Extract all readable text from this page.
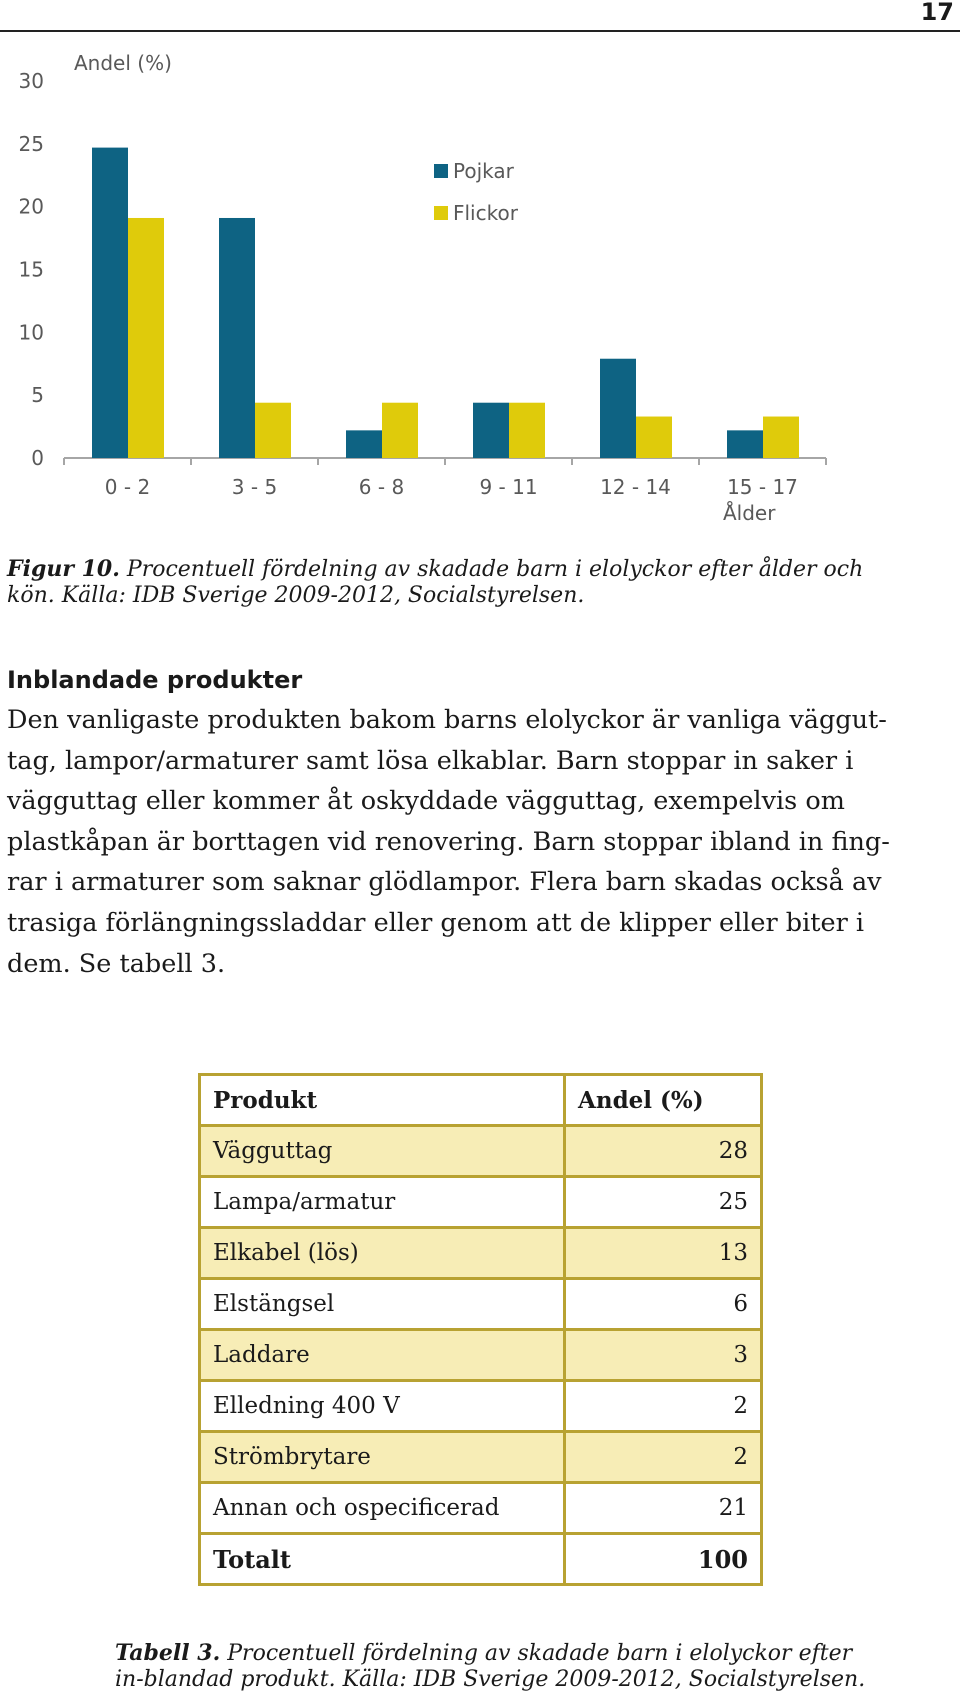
17
0
5
10
15
20
25
30
Andel (%)
0 - 2	3 - 5	6 - 8	9 - 11	12 - 14	15 - 17
Ålder
Pojkar
Flickor
Figur 10. Procentuell fördelning av skadade barn i elolyckor efter ålder och kön. Källa: IDB Sverige 2009-2012, Socialstyrelsen.
Inblandade produkter
Den vanligaste produkten bakom barns elolyckor är vanliga väggut-
tag, lampor/armaturer samt lösa elkablar. Barn stoppar in saker i
vägguttag eller kommer åt oskyddade vägguttag, exempelvis om
plastkåpan är borttagen vid renovering. Barn stoppar ibland in fing-
rar i armaturer som saknar glödlampor. Flera barn skadas också av
trasiga förlängningssladdar eller genom att de klipper eller biter i
dem. Se tabell 3.
Produkt	Andel (%)
Vägguttag	28
Lampa/armatur	25
Elkabel (lös)	13
Elstängsel	6
Laddare	3
Elledning 400 V	2
Strömbrytare	2
Annan och ospecificerad	21
Totalt	100
Tabell 3. Procentuell fördelning av skadade barn i elolyckor efter in-blandad produkt. Källa: IDB Sverige 2009-2012, Socialstyrelsen.
